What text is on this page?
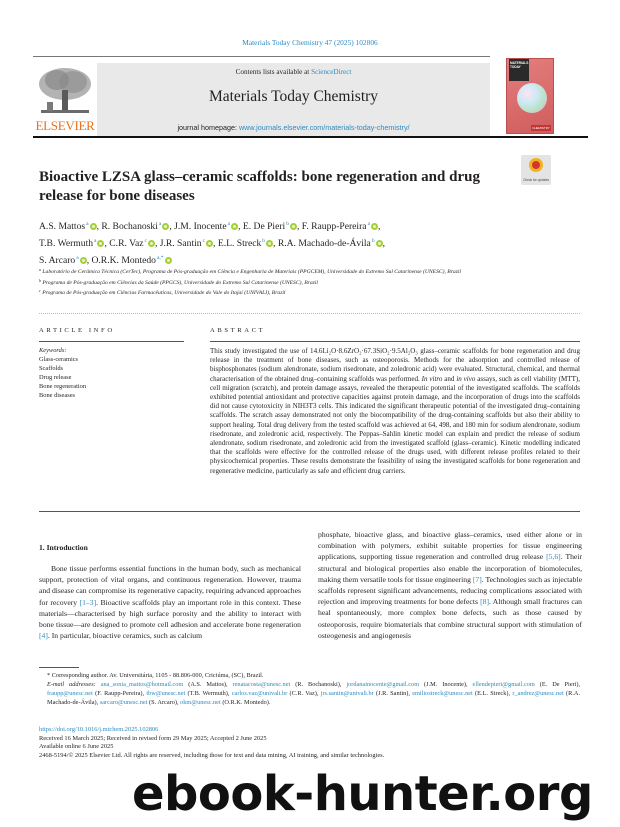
Materials Today Chemistry 47 (2025) 102806
ELSEVIER
Contents lists available at ScienceDirect
Materials Today Chemistry
journal homepage: www.journals.elsevier.com/materials-today-chemistry/
MATERIALS TODAY
CHEMISTRY
Check for updates
Bioactive LZSA glass–ceramic scaffolds: bone regeneration and drug release for bone diseases
A.S. Mattos$^a$ , R. Bochanoski$^a$ , J.M. Inocente$^a$ , E. De Pieri$^b$ , F. Raupp-Pereira$^a$ ,
T.B. Wermuth$^a$ , C.R. Vaz$^c$ , J.R. Santin$^c$ , E.L. Streck$^b$ , R.A. Machado-de-Ávila$^b$ ,
S. Arcaro$^a$ , O.R.K. Montedo$^{a,*}$
$^a$ Laboratório de Cerâmica Técnica (CerTec), Programa de Pós-graduação em Ciência e Engenharia de Materiais (PPGCEM), Universidade do Extremo Sul Catarinense (UNESC), Brazil
$^b$ Programa de Pós-graduação em Ciências da Saúde (PPGCS), Universidade do Extremo Sul Catarinense (UNESC), Brazil
$^c$ Programa de Pós-graduação em Ciências Farmacêuticas, Universidade do Vale do Itajaí (UNIVALI), Brazil
ARTICLE INFO	ABSTRACT
Keywords:
Glass-ceramics
Scaffolds
Drug release
Bone regeneration
Bone diseases
This study investigated the use of 14.6Li₂O·8.6ZrO₂·67.3SiO₂·9.5Al₂O₃ glass–ceramic scaffolds for bone regeneration and drug release in the treatment of bone diseases, such as osteoporosis. Methods for the adsorption and controlled release of bisphosphonates (sodium alendronate, sodium risedronate, and zoledronic acid) were evaluated. Structural, chemical, and thermal characterisation of the obtained drug–containing scaffolds was performed. In vitro and in vivo assays, such as cell viability (MTT), cell migration (scratch), and protein damage assays, revealed the therapeutic potential of the investigated scaffolds. The scaffolds exhibited potential antioxidant and protective capacities against protein damage, and the incorporation of drugs into the scaffolds did not cause cytotoxicity in NIH3T3 cells. This indicated the significant therapeutic potential of the investigated drug–containing scaffolds. The scratch assay demonstrated not only the biocompatibility of the drug-containing scaffolds but also their ability to support healing. Total drug delivery from the tested scaffold was achieved at 64, 498, and 180 min for sodium alendronate, sodium risedronate, and zoledronic acid, respectively. The Peppas–Sahlin kinetic model can explain and predict the release of sodium alendronate, sodium risedronate, and zoledronic acid from the investigated scaffold (glass–ceramic). Kinetic modelling indicated that the scaffolds were effective for the controlled release of the drugs used, with different release profiles related to their physicochemical properties. These results demonstrate the feasibility of using the investigated scaffolds for bone regeneration and regenerative medicine, particularly as safe and efficient drug carriers.
1. Introduction

Bone tissue performs essential functions in the human body, such as mechanical support, protection of vital organs, and continuous regeneration. However, trauma and disease can compromise its regenerative capacity, requiring advanced approaches for recovery [1–3]. Bioactive scaffolds play an important role in this context. These materials—characterised by high surface porosity and the ability to interact with bone tissue—are designed to promote cell adhesion and accelerate bone regeneration [4]. In particular, bioactive ceramics, such as calcium

phosphate, bioactive glass, and bioactive glass–ceramics, used either alone or in combination with polymers, exhibit suitable properties for tissue engineering applications, supporting tissue regeneration and controlled drug release [5,6]. Their structural and biological properties also enable the incorporation of biomolecules, making them versatile tools for tissue engineering [7]. Technologies such as injectable scaffolds represent significant advancements, reducing complications associated with rejection and improving treatments for bone defects [8]. Although small fractures can heal spontaneously, more complex bone defects, such as those caused by osteoporosis, require biomaterials that combine structural support with stimulation of osteogenesis and angiogenesis

* Corresponding author. Av. Universitária, 1105 - 88.806-000, Criciúma, (SC), Brazil.
E-mail addresses: ana_sonia_mattos@hotmail.com (A.S. Mattos), renatacosta@unesc.net (R. Bochanoski), jordanainocente@gmail.com (J.M. Inocente), ellendepieri@gmail.com (E. De Pieri), fraupp@unesc.net (F. Raupp-Pereira), tbw@unesc.net (T.B. Wermuth), carlos.vaz@univali.br (C.R. Vaz), jrs.santin@univali.br (J.R. Santin), emiliostreck@unesc.net (E.L. Streck), r_andrez@unesc.net (R.A. Machado-de-Ávila), sarcaro@unesc.net (S. Arcaro), okm@unesc.net (O.R.K. Montedo).
https://doi.org/10.1016/j.mtchem.2025.102806
Received 16 March 2025; Received in revised form 29 May 2025; Accepted 2 June 2025
Available online 6 June 2025
2468-5194/© 2025 Elsevier Ltd. All rights are reserved, including those for text and data mining, AI training, and similar technologies.
ebook-hunter.org
